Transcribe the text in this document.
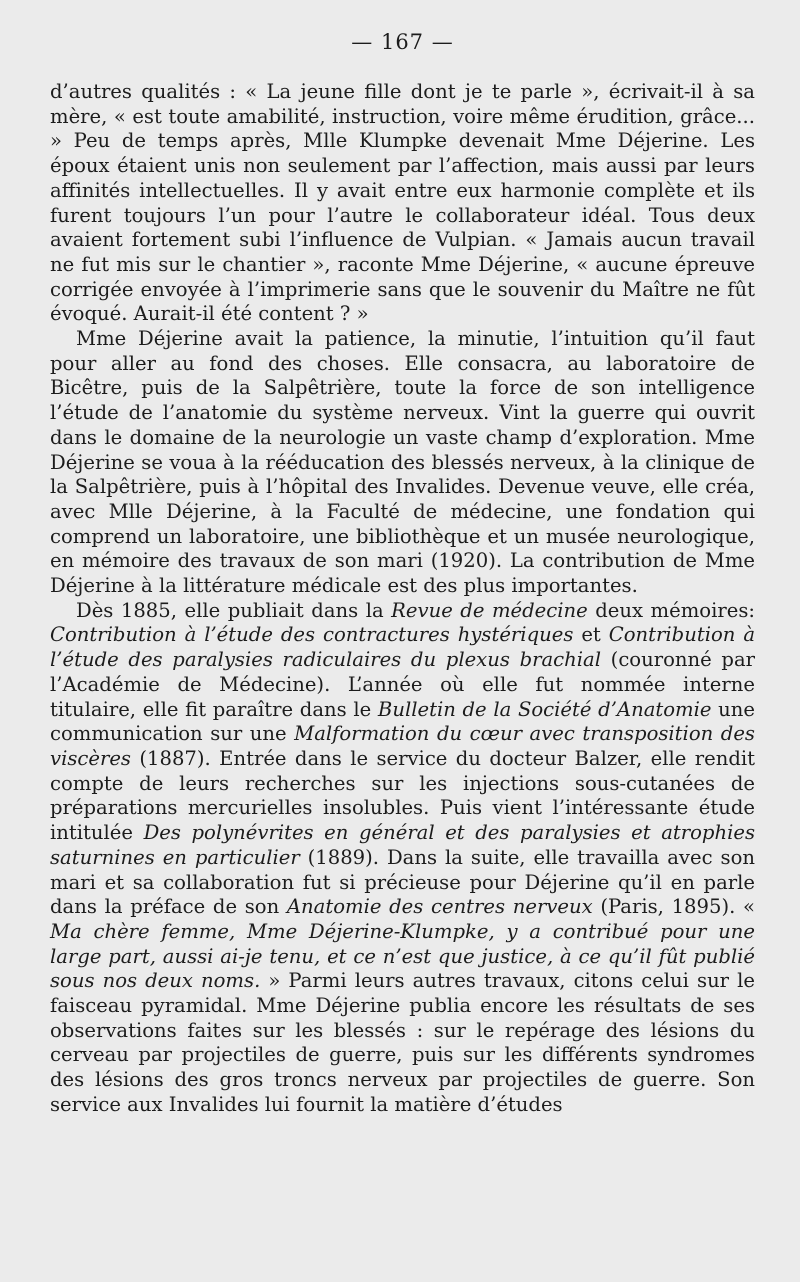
— 167 —

d’autres qualités : « La jeune fille dont je te parle », écrivait-il à sa mère, « est toute amabilité, instruction, voire même érudition, grâce... » Peu de temps après, Mlle Klumpke devenait Mme Déjerine. Les époux étaient unis non seulement par l’affection, mais aussi par leurs affinités intellectuelles. Il y avait entre eux harmonie complète et ils furent toujours l’un pour l’autre le collaborateur idéal. Tous deux avaient fortement subi l’influence de Vulpian. « Jamais aucun travail ne fut mis sur le chantier », raconte Mme Déjerine, « aucune épreuve corrigée envoyée à l’imprimerie sans que le souvenir du Maître ne fût évoqué. Aurait-il été content ? »

Mme Déjerine avait la patience, la minutie, l’intuition qu’il faut pour aller au fond des choses. Elle consacra, au laboratoire de Bicêtre, puis de la Salpêtrière, toute la force de son intelligence l’étude de l’anatomie du système nerveux. Vint la guerre qui ouvrit dans le domaine de la neurologie un vaste champ d’exploration. Mme Déjerine se voua à la rééducation des blessés nerveux, à la clinique de la Salpêtrière, puis à l’hôpital des Invalides. Devenue veuve, elle créa, avec Mlle Déjerine, à la Faculté de médecine, une fondation qui comprend un laboratoire, une bibliothèque et un musée neurologique, en mémoire des travaux de son mari (1920). La contribution de Mme Déjerine à la littérature médicale est des plus importantes.

Dès 1885, elle publiait dans la Revue de médecine deux mémoires: Contribution à l’étude des contractures hystériques et Contribution à l’étude des paralysies radiculaires du plexus brachial (couronné par l’Académie de Médecine). L’année où elle fut nommée interne titulaire, elle fit paraître dans le Bulletin de la Société d’Anatomie une communication sur une Malformation du cœur avec transposition des viscères (1887). Entrée dans le service du docteur Balzer, elle rendit compte de leurs recherches sur les injections sous-cutanées de préparations mercurielles insolubles. Puis vient l’intéressante étude intitulée Des polynévrites en général et des paralysies et atrophies saturnines en particulier (1889). Dans la suite, elle travailla avec son mari et sa collaboration fut si précieuse pour Déjerine qu’il en parle dans la préface de son Anatomie des centres nerveux (Paris, 1895). « Ma chère femme, Mme Déjerine-Klumpke, y a contribué pour une large part, aussi ai-je tenu, et ce n’est que justice, à ce qu’il fût publié sous nos deux noms. » Parmi leurs autres travaux, citons celui sur le faisceau pyramidal. Mme Déjerine publia encore les résultats de ses observations faites sur les blessés : sur le repérage des lésions du cerveau par projectiles de guerre, puis sur les différents syndromes des lésions des gros troncs nerveux par projectiles de guerre. Son service aux Invalides lui fournit la matière d’études
